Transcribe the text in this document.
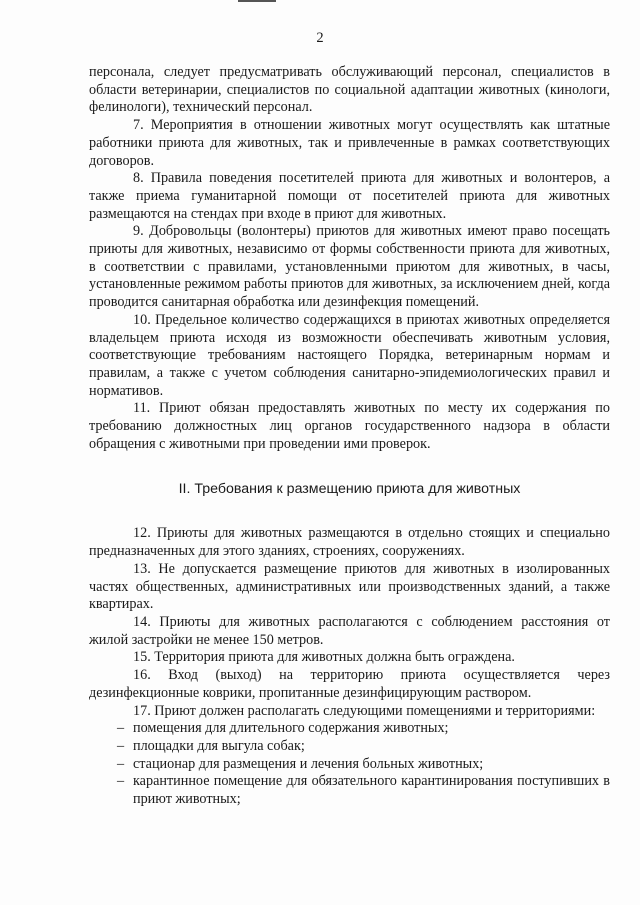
2

персонала, следует предусматривать обслуживающий персонал, специалистов в области ветеринарии, специалистов по социальной адаптации животных (кинологи, фелинологи), технический персонал.

7. Мероприятия в отношении животных могут осуществлять как штатные работники приюта для животных, так и привлеченные в рамках соответствующих договоров.

8. Правила поведения посетителей приюта для животных и волонтеров, а также приема гуманитарной помощи от посетителей приюта для животных размещаются на стендах при входе в приют для животных.

9. Добровольцы (волонтеры) приютов для животных имеют право посещать приюты для животных, независимо от формы собственности приюта для животных, в соответствии с правилами, установленными приютом для животных, в часы, установленные режимом работы приютов для животных, за исключением дней, когда проводится санитарная обработка или дезинфекция помещений.

10. Предельное количество содержащихся в приютах животных определяется владельцем приюта исходя из возможности обеспечивать животным условия, соответствующие требованиям настоящего Порядка, ветеринарным нормам и правилам, а также с учетом соблюдения санитарно-эпидемиологических правил и нормативов.

11. Приют обязан предоставлять животных по месту их содержания по требованию должностных лиц органов государственного надзора в области обращения с животными при проведении ими проверок.

II. Требования к размещению приюта для животных

12. Приюты для животных размещаются в отдельно стоящих и специально предназначенных для этого зданиях, строениях, сооружениях.

13. Не допускается размещение приютов для животных в изолированных частях общественных, административных или производственных зданий, а также квартирах.

14. Приюты для животных располагаются с соблюдением расстояния от жилой застройки не менее 150 метров.

15. Территория приюта для животных должна быть ограждена.

16. Вход (выход) на территорию приюта осуществляется через дезинфекционные коврики, пропитанные дезинфицирующим раствором.

17. Приют должен располагать следующими помещениями и территориями:

– помещения для длительного содержания животных;

– площадки для выгула собак;

– стационар для размещения и лечения больных животных;

– карантинное помещение для обязательного карантинирования поступивших в приют животных;
